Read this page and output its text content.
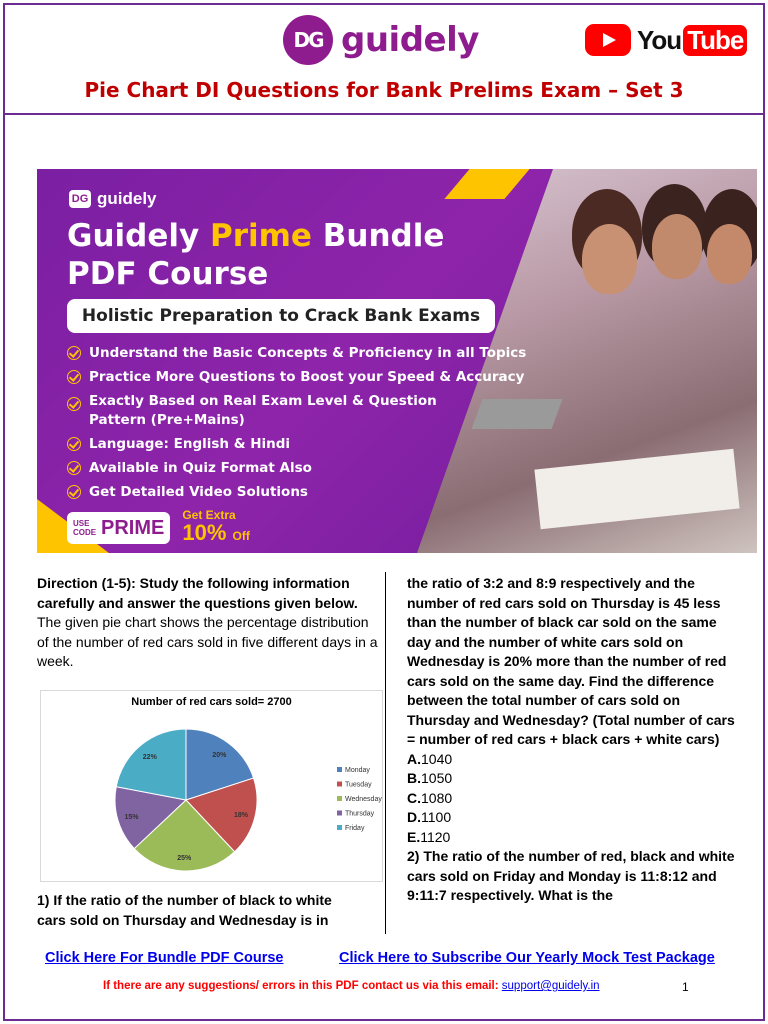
DG guidely	You Tube
Pie Chart DI Questions for Bank Prelims Exam – Set 3
DG guidely
Guidely Prime Bundle
PDF Course
Holistic Preparation to Crack Bank Exams
Understand the Basic Concepts & Proficiency in all Topics
Practice More Questions to Boost your Speed & Accuracy
Exactly Based on Real Exam Level & Question Pattern (Pre+Mains)
Language: English & Hindi
Available in Quiz Format Also
Get Detailed Video Solutions
USE CODE PRIME
Get Extra
10% Off

Direction (1-5): Study the following information carefully and answer the questions given below.

The given pie chart shows the percentage distribution of the number of red cars sold in five different days in a week.

Number of red cars sold= 2700
20%
18%
25%
15%
22%
Monday
Tuesday
Wednesday
Thursday
Friday
1) If the ratio of the number of black to white cars sold on Thursday and Wednesday is in

the ratio of 3:2 and 8:9 respectively and the number of red cars sold on Thursday is 45 less than the number of black car sold on the same day and the number of white cars sold on Wednesday is 20% more than the number of red cars sold on the same day. Find the difference between the total number of cars sold on Thursday and Wednesday? (Total number of cars = number of red cars + black cars + white cars)

A.1040
B.1050
C.1080
D.1100
E.1120

2) The ratio of the number of red, black and white cars sold on Friday and Monday is 11:8:12 and 9:11:7 respectively. What is the

Click Here For Bundle PDF Course	Click Here to Subscribe Our Yearly Mock Test Package
If there are any suggestions/ errors in this PDF contact us via this email: support@guidely.in	1
